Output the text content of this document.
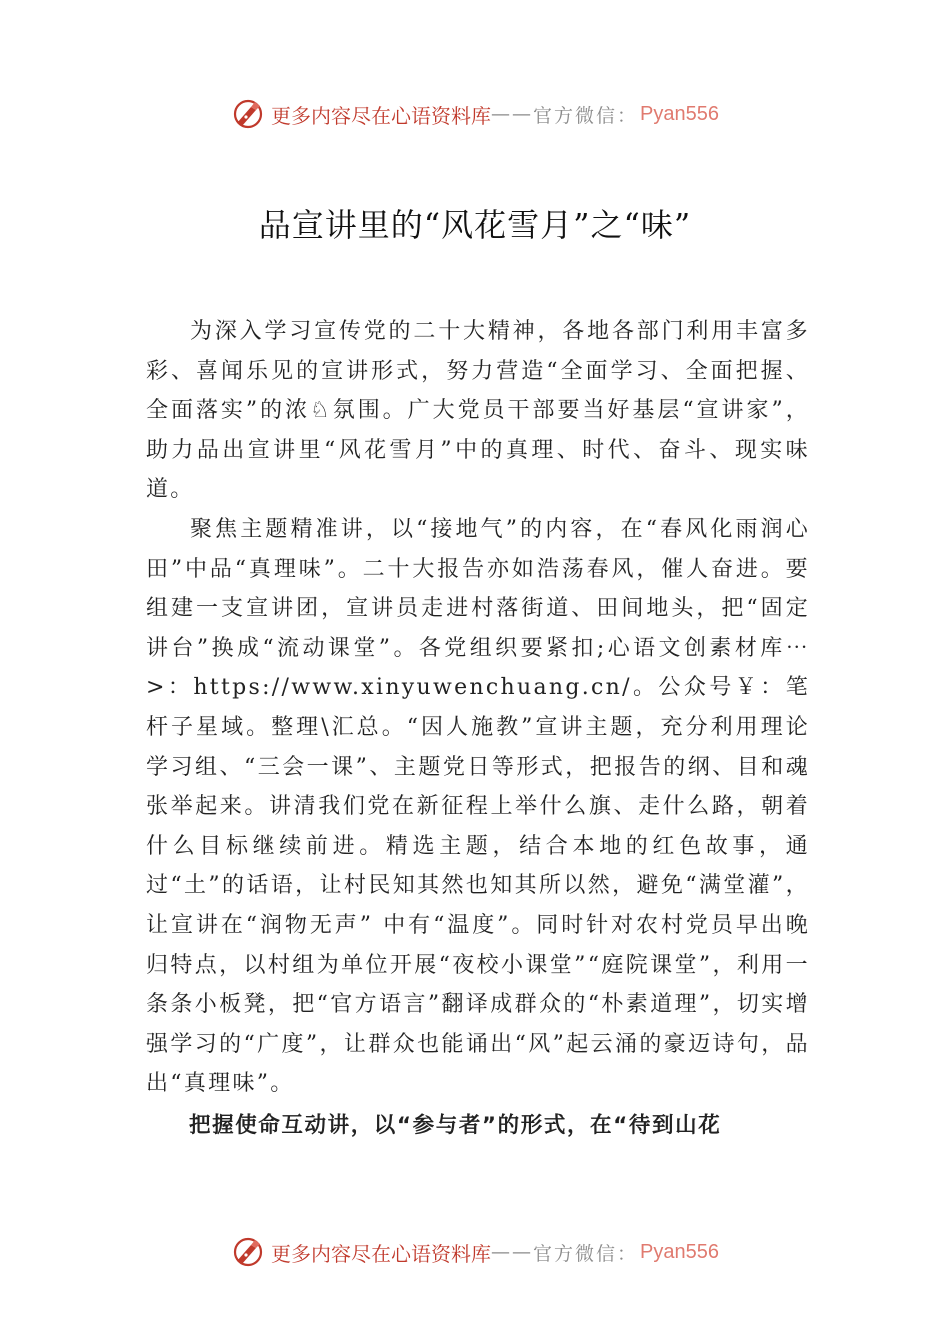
更多内容尽在心语资料库 —— 官方微信： Pyan556
品宣讲里的“风花雪月”之“味”

为深入学习宣传党的二十大精神，各地各部门利用丰富多彩、喜闻乐见的宣讲形式，努力营造“全面学习、全面把握、全面落实”的浓♘氛围。广大党员干部要当好基层“宣讲家”，助力品出宣讲里“风花雪月”中的真理、时代、奋斗、现实味道。

聚焦主题精准讲，以“接地气”的内容，在“春风化雨润心田”中品“真理味”。二十大报告亦如浩荡春风，催人奋进。要组建一支宣讲团，宣讲员走进村落街道、田间地头，把“固定讲台”换成“流动课堂”。各党组织要紧扣;心语文创素材库⋯>：https://www.xinyuwenchuang.cn/。公众号￥：笔杆子星域。整理\汇总。“因人施教”宣讲主题，充分利用理论学习组、“三会一课”、主题党日等形式，把报告的纲、目和魂张举起来。讲清我们党在新征程上举什么旗、走什么路，朝着什么目标继续前进。精选主题，结合本地的红色故事，通过“土”的话语，让村民知其然也知其所以然，避免“满堂灌”，让宣讲在“润物无声” 中有“温度”。同时针对农村党员早出晚归特点，以村组为单位开展“夜校小课堂”“庭院课堂”，利用一条条小板凳，把“官方语言”翻译成群众的“朴素道理”，切实增强学习的“广度”，让群众也能诵出“风”起云涌的豪迈诗句，品出“真理味”。

把握使命互动讲，以“参与者”的形式，在“待到山花

更多内容尽在心语资料库 —— 官方微信： Pyan556
